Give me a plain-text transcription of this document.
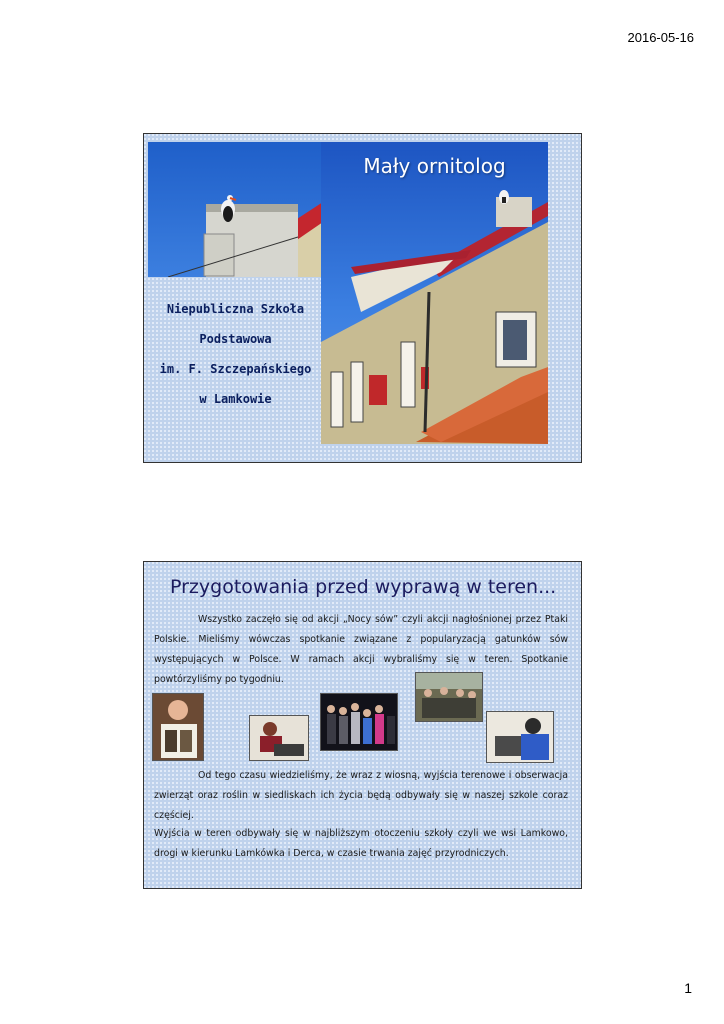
2016-05-16
Mały ornitolog
Niepubliczna Szkoła
Podstawowa
im. F. Szczepańskiego
w Lamkowie
Przygotowania przed wyprawą w teren...
Wszystko zaczęło się od akcji „Nocy sów” czyli akcji nagłośnionej przez Ptaki Polskie. Mieliśmy wówczas spotkanie związane z popularyzacją gatunków sów występujących w Polsce. W ramach akcji wybraliśmy się w teren. Spotkanie powtórzyliśmy po tygodniu.
Od tego czasu wiedzieliśmy, że wraz z wiosną, wyjścia terenowe i obserwacja zwierząt oraz roślin w siedliskach ich życia będą odbywały się w naszej szkole coraz częściej.
Wyjścia w teren odbywały się w najbliższym otoczeniu szkoły czyli we wsi Lamkowo, drogi w kierunku Lamkówka i Derca, w czasie trwania zajęć przyrodniczych.
1
